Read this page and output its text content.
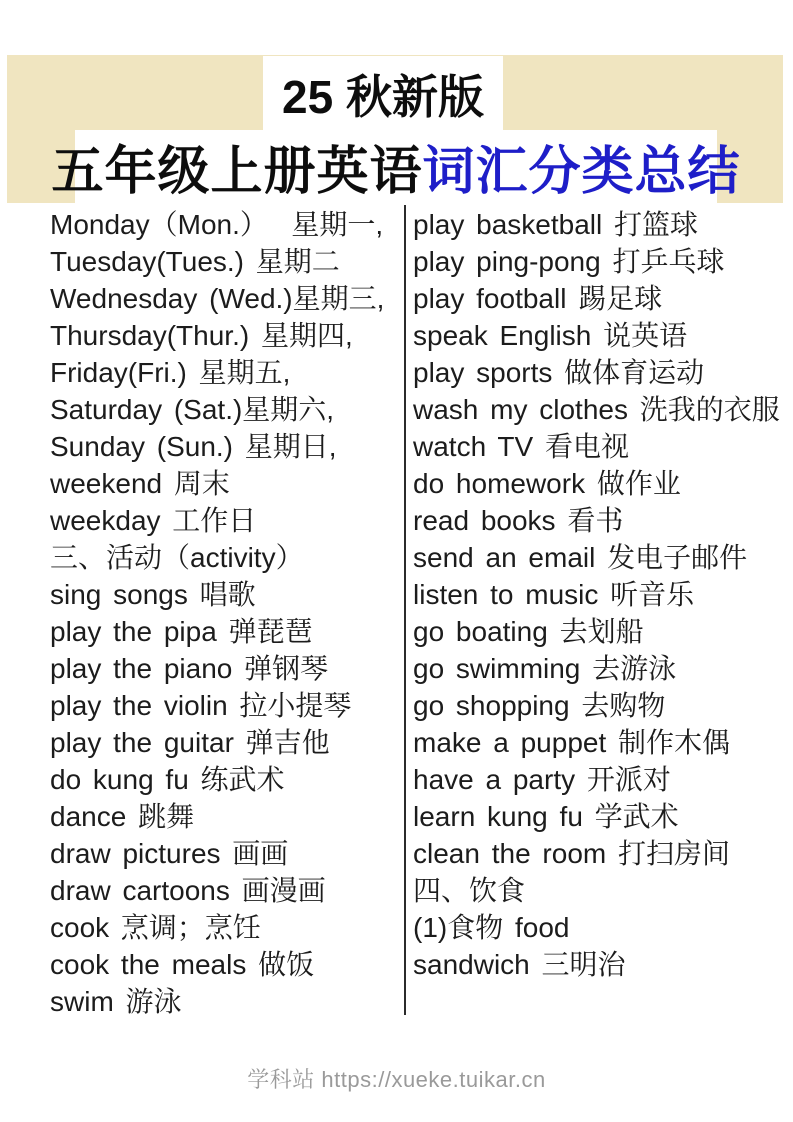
25 秋新版
五年级上册英语 词汇分类总结
Monday（Mon.）  星期一,
Tuesday(Tues.) 星期二
Wednesday (Wed.)星期三,
Thursday(Thur.) 星期四,
Friday(Fri.) 星期五,
Saturday (Sat.)星期六,
Sunday (Sun.) 星期日,
weekend 周末
weekday 工作日
三、活动（activity）
sing songs 唱歌
play the pipa 弹琵琶
play the piano 弹钢琴
play the violin 拉小提琴
play the guitar 弹吉他
do kung fu 练武术
dance 跳舞
draw pictures 画画
draw cartoons 画漫画
cook 烹调；烹饪
cook the meals 做饭
swim 游泳
play basketball 打篮球
play ping-pong 打乒乓球
play football 踢足球
speak English 说英语
play sports 做体育运动
wash my clothes 洗我的衣服
watch TV 看电视
do homework 做作业
read books 看书
send an email 发电子邮件
listen to music 听音乐
go boating 去划船
go swimming 去游泳
go shopping 去购物
make a puppet 制作木偶
have a party 开派对
learn kung fu 学武术
clean the room 打扫房间
四、饮食
(1)食物 food
sandwich 三明治
学科站 https://xueke.tuikar.cn
